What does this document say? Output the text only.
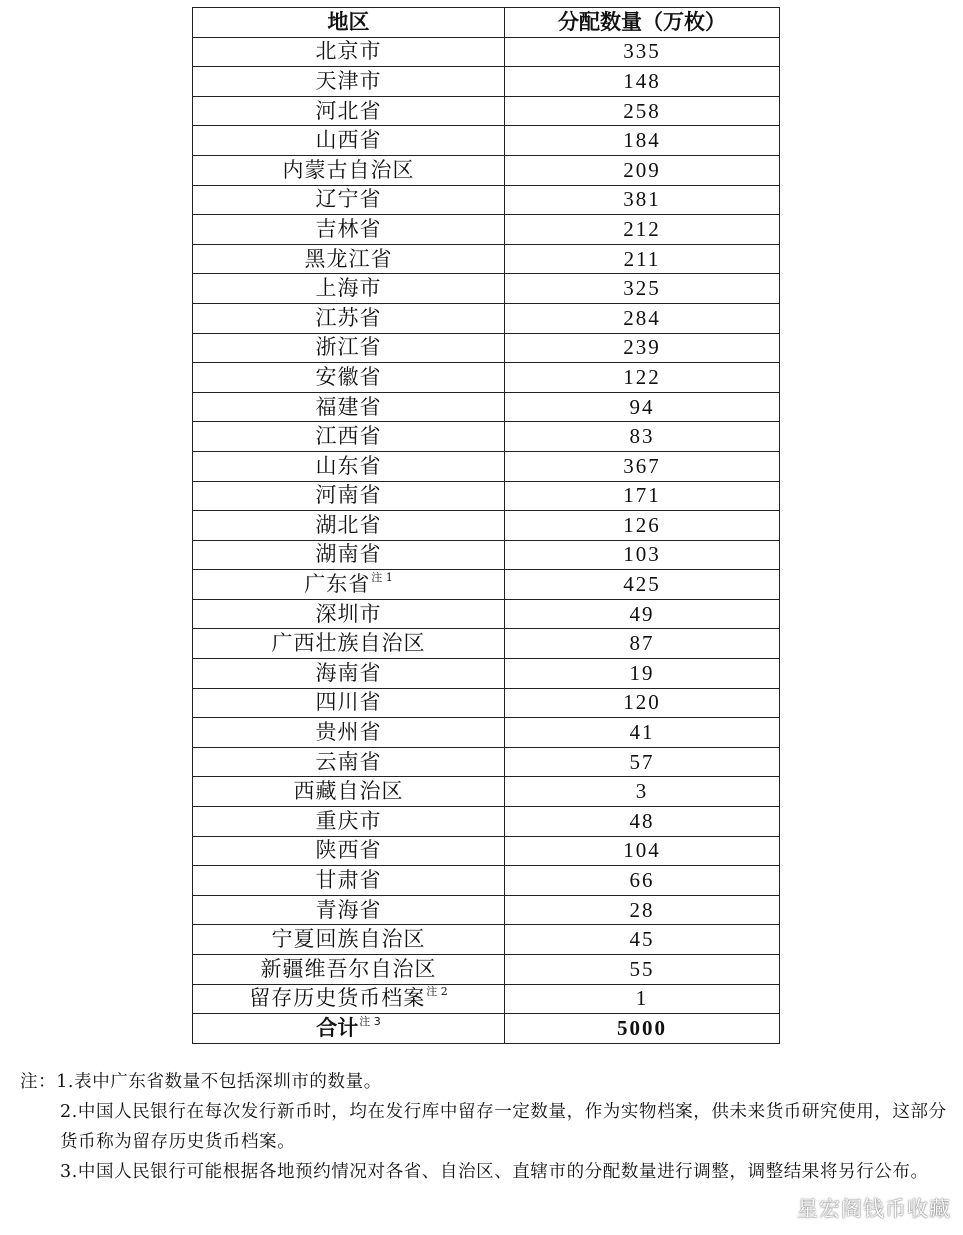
地区	分配数量（万枚）
北京市	335
天津市	148
河北省	258
山西省	184
内蒙古自治区	209
辽宁省	381
吉林省	212
黑龙江省	211
上海市	325
江苏省	284
浙江省	239
安徽省	122
福建省	94
江西省	83
山东省	367
河南省	171
湖北省	126
湖南省	103
广东省$^{注 1}$	425
深圳市	49
广西壮族自治区	87
海南省	19
四川省	120
贵州省	41
云南省	57
西藏自治区	3
重庆市	48
陕西省	104
甘肃省	66
青海省	28
宁夏回族自治区	45
新疆维吾尔自治区	55
留存历史货币档案$^{注 2}$	1
合计$^{注 3}$	5000

注：1.表中广东省数量不包括深圳市的数量。

2.中国人民银行在每次发行新币时，均在发行库中留存一定数量，作为实物档案，供未来货币研究使用，这部分货币称为留存历史货币档案。

3.中国人民银行可能根据各地预约情况对各省、自治区、直辖市的分配数量进行调整，调整结果将另行公布。

星宏阁钱币收藏
